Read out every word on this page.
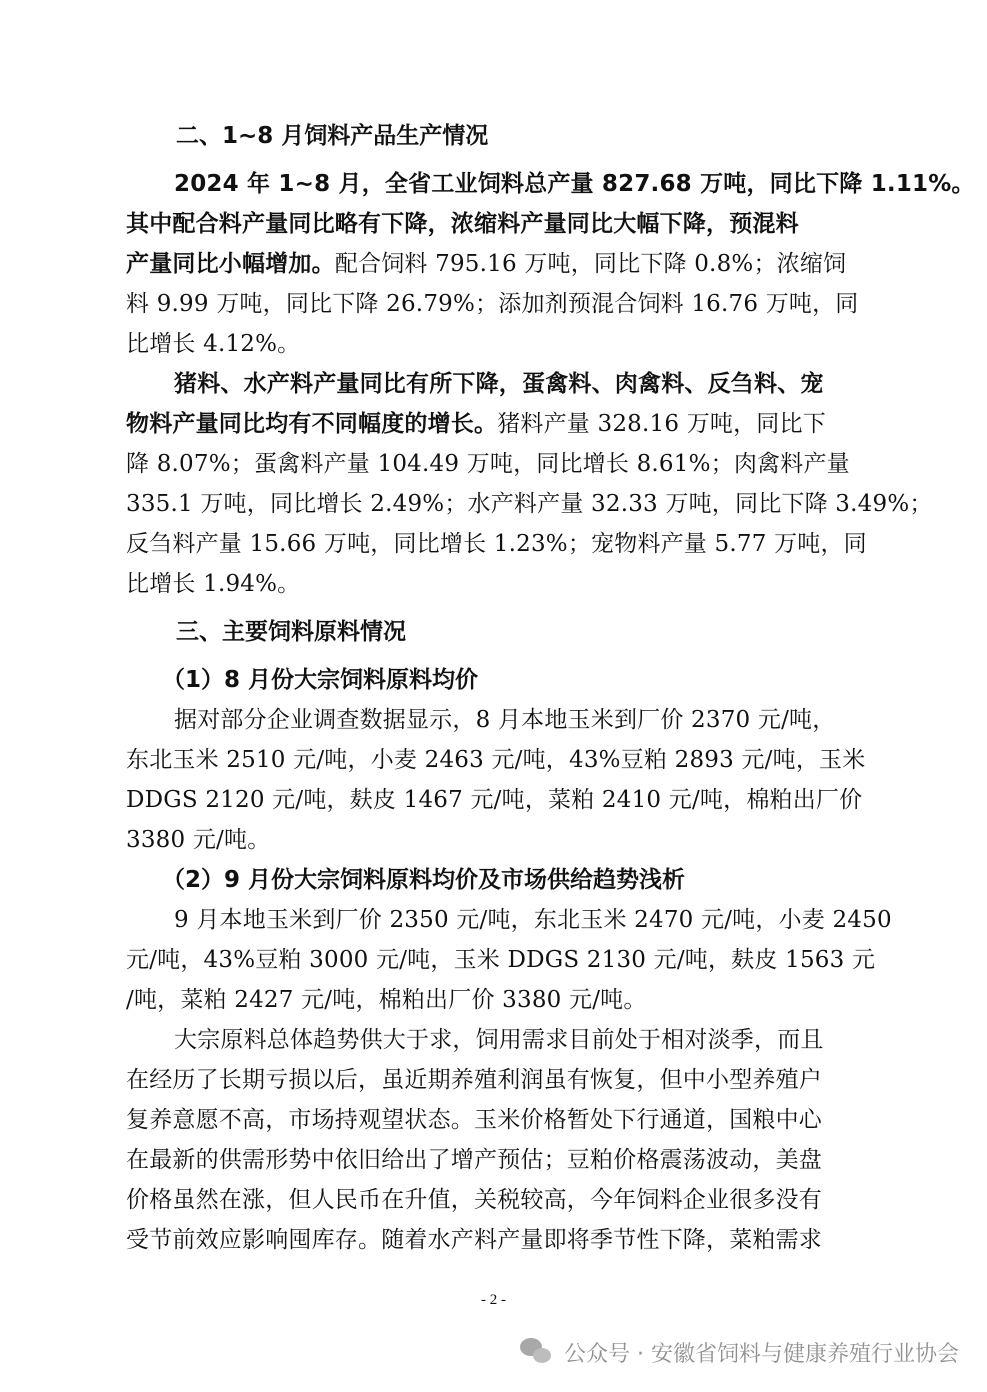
二、1~8 月饲料产品生产情况
2024 年 1~8 月，全省工业饲料总产量 827.68 万吨，同比下降 1.11%。
其中配合料产量同比略有下降，浓缩料产量同比大幅下降，预混料
产量同比小幅增加。配合饲料 795.16 万吨，同比下降 0.8%；浓缩饲
料 9.99 万吨，同比下降 26.79%；添加剂预混合饲料 16.76 万吨，同
比增长 4.12%。
猪料、水产料产量同比有所下降，蛋禽料、肉禽料、反刍料、宠
物料产量同比均有不同幅度的增长。猪料产量 328.16 万吨，同比下
降 8.07%；蛋禽料产量 104.49 万吨，同比增长 8.61%；肉禽料产量
335.1 万吨，同比增长 2.49%；水产料产量 32.33 万吨，同比下降 3.49%；
反刍料产量 15.66 万吨，同比增长 1.23%；宠物料产量 5.77 万吨，同
比增长 1.94%。
三、主要饲料原料情况
（1）8 月份大宗饲料原料均价
据对部分企业调查数据显示，8 月本地玉米到厂价 2370 元/吨，
东北玉米 2510 元/吨，小麦 2463 元/吨，43%豆粕 2893 元/吨，玉米
DDGS 2120 元/吨，麸皮 1467 元/吨，菜粕 2410 元/吨，棉粕出厂价
3380 元/吨。
（2）9 月份大宗饲料原料均价及市场供给趋势浅析
9 月本地玉米到厂价 2350 元/吨，东北玉米 2470 元/吨，小麦 2450
元/吨，43%豆粕 3000 元/吨，玉米 DDGS 2130 元/吨，麸皮 1563 元
/吨，菜粕 2427 元/吨，棉粕出厂价 3380 元/吨。
大宗原料总体趋势供大于求，饲用需求目前处于相对淡季，而且
在经历了长期亏损以后，虽近期养殖利润虽有恢复，但中小型养殖户
复养意愿不高，市场持观望状态。玉米价格暂处下行通道，国粮中心
在最新的供需形势中依旧给出了增产预估；豆粕价格震荡波动，美盘
价格虽然在涨，但人民币在升值，关税较高，今年饲料企业很多没有
受节前效应影响囤库存。随着水产料产量即将季节性下降，菜粕需求
- 2 -
公众号 · 安徽省饲料与健康养殖行业协会
